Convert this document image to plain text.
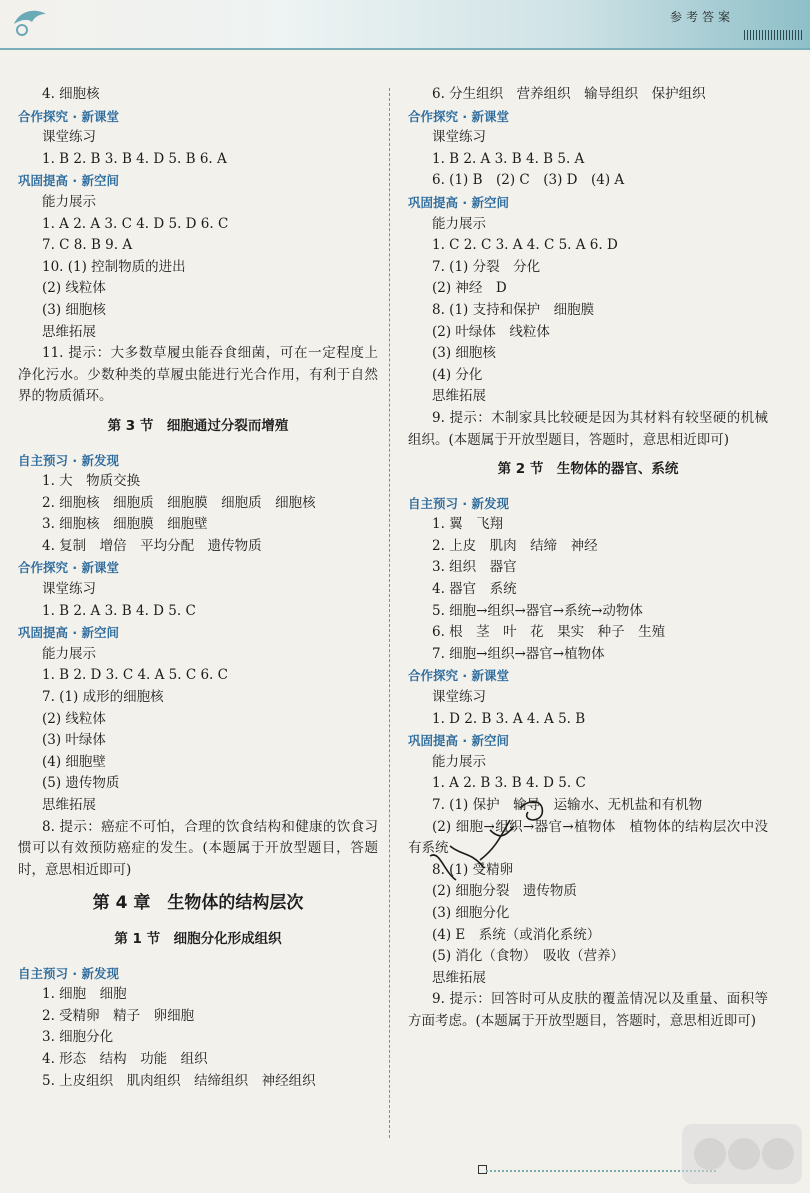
参考答案
4. 细胞核
合作探究 · 新课堂
课堂练习
1. B 2. B 3. B 4. D 5. B 6. A
巩固提高 · 新空间
能力展示
1. A 2. A 3. C 4. D 5. D 6. C
7. C 8. B 9. A
10. (1) 控制物质的进出
(2) 线粒体
(3) 细胞核
思维拓展
11. 提示：大多数草履虫能吞食细菌，可在一定程度上净化污水。少数种类的草履虫能进行光合作用，有利于自然界的物质循环。
第 3 节　细胞通过分裂而增殖
自主预习 · 新发现
1. 大　物质交换
2. 细胞核　细胞质　细胞膜　细胞质　细胞核
3. 细胞核　细胞膜　细胞壁
4. 复制　增倍　平均分配　遗传物质
合作探究 · 新课堂
课堂练习
1. B 2. A 3. B 4. D 5. C
巩固提高 · 新空间
能力展示
1. B 2. D 3. C 4. A 5. C 6. C
7. (1) 成形的细胞核
(2) 线粒体
(3) 叶绿体
(4) 细胞壁
(5) 遗传物质
思维拓展
8. 提示：癌症不可怕，合理的饮食结构和健康的饮食习惯可以有效预防癌症的发生。(本题属于开放型题目，答题时，意思相近即可)
第 4 章　生物体的结构层次
第 1 节　细胞分化形成组织
自主预习 · 新发现
1. 细胞　细胞
2. 受精卵　精子　卵细胞
3. 细胞分化
4. 形态　结构　功能　组织
5. 上皮组织　肌肉组织　结缔组织　神经组织
6. 分生组织　营养组织　输导组织　保护组织
合作探究 · 新课堂
课堂练习
1. B 2. A 3. B 4. B 5. A
6. (1) B　(2) C　(3) D　(4) A
巩固提高 · 新空间
能力展示
1. C 2. C 3. A 4. C 5. A 6. D
7. (1) 分裂　分化
(2) 神经　D
8. (1) 支持和保护　细胞膜
(2) 叶绿体　线粒体
(3) 细胞核
(4) 分化
思维拓展
9. 提示：木制家具比较硬是因为其材料有较坚硬的机械组织。(本题属于开放型题目，答题时，意思相近即可)
第 2 节　生物体的器官、系统
自主预习 · 新发现
1. 翼　飞翔
2. 上皮　肌肉　结缔　神经
3. 组织　器官
4. 器官　系统
5. 细胞→组织→器官→系统→动物体
6. 根　茎　叶　花　果实　种子　生殖
7. 细胞→组织→器官→植物体
合作探究 · 新课堂
课堂练习
1. D 2. B 3. A 4. A 5. B
巩固提高 · 新空间
能力展示
1. A 2. B 3. B 4. D 5. C
7. (1) 保护　输导　运输水、无机盐和有机物
(2) 细胞→组织→器官→植物体　植物体的结构层次中没有系统
8. (1) 受精卵
(2) 细胞分裂　遗传物质
(3) 细胞分化
(4) E　系统（或消化系统）
(5) 消化（食物）　吸收（营养）
思维拓展
9. 提示：回答时可从皮肤的覆盖情况以及重量、面积等方面考虑。(本题属于开放型题目，答题时，意思相近即可)
